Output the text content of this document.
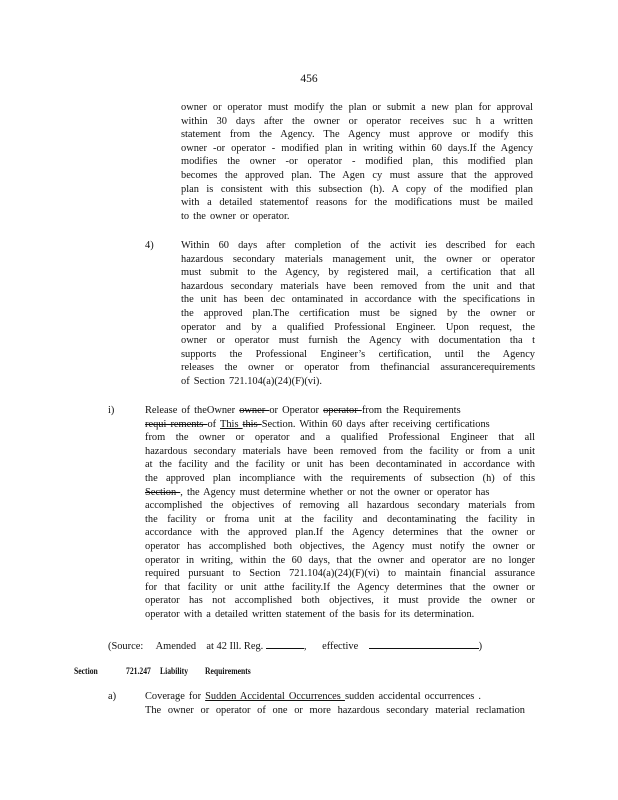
456
owner or operator must modify the plan or submit a new plan for approval
within 30 days after the owner or operator receives suc h a written
statement from the Agency. The Agency must approve or modify this
owner -or operator - modified plan in writing within 60 days.If the Agency
modifies the owner -or operator - modified plan, this modified plan
becomes the approved plan. The Agen cy must assure that the approved
plan is consistent with this subsection (h). A copy of the modified plan
with a detailed statementof reasons for the modifications must be mailed
to the owner or operator.
4)	Within 60 days after completion of the activit ies described for each
hazardous secondary materials management unit, the owner or operator
must submit to the Agency, by registered mail, a certification that all
hazardous secondary materials have been removed from the unit and that
the unit has been dec ontaminated in accordance with the specifications in
the approved plan.The certification must be signed by the owner or
operator and by a qualified Professional Engineer. Upon request, the
owner or operator must furnish the Agency with documentation tha t
supports the Professional Engineer’s certification, until the Agency
releases the owner or operator from thefinancial assurancerequirements
of Section 721.104(a)(24)(F)(vi).
i)	Release of theOwner owner or Operator operator from the Requirements
requi rements of This this Section. Within 60 days after receiving certifications
from the owner or operator and a qualified Professional Engineer that all
hazardous secondary materials have been removed from the facility or from a unit
at the facility and the facility or unit has been decontaminated in accordance with
the approved plan incompliance with the requirements of subsection (h) of this
Section , the Agency must determine whether or not the owner or operator has
accomplished the objectives of removing all hazardous secondary materials from
the facility or froma unit at the facility and decontaminating the facility in
accordance with the approved plan.If the Agency determines that the owner or
operator has accomplished both objectives, the Agency must notify the owner or
operator in writing, within the 60 days, that the owner and operator are no longer
required pursuant to Section 721.104(a)(24)(F)(vi) to maintain financial assurance
for that facility or unit atthe facility.If the Agency determines that the owner or
operator has not accomplished both objectives, it must provide the owner or
operator with a detailed written statement of the basis for its determination.
(Source: Amended at 42 Ill. Reg.	, effective	)
Section	721.247 Liability Requirements
a)	Coverage for Sudden Accidental Occurrences sudden accidental occurrences .
The owner or operator of one or more hazardous secondary material reclamation
